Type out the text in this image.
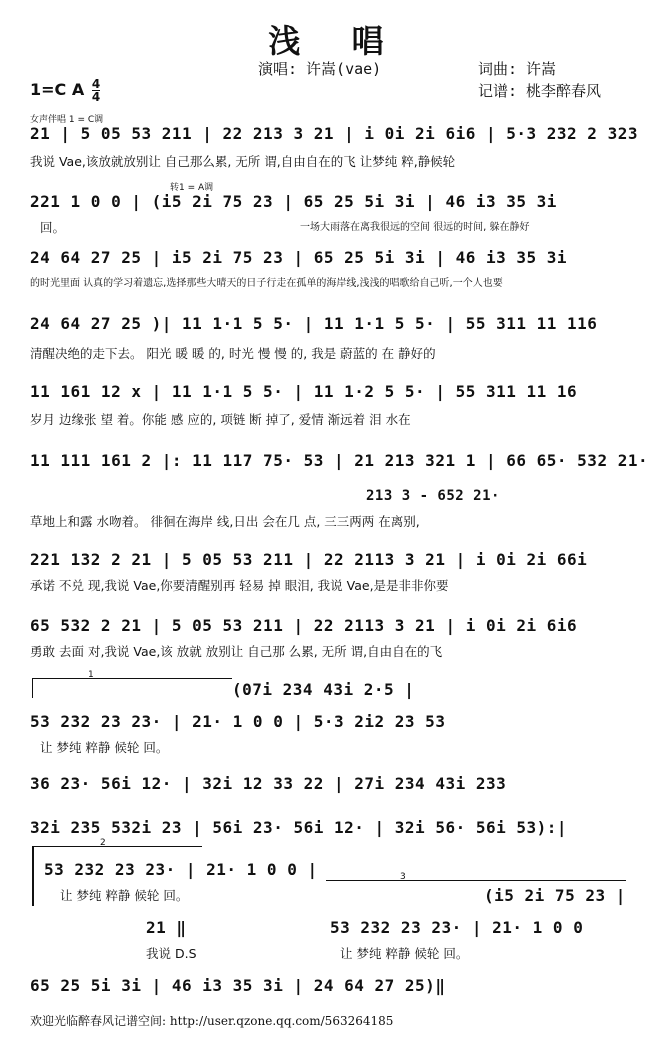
浅 唱
演唱: 许嵩(vae)	词曲: 许嵩
记谱: 桃李醉春风
1=C A $\frac{4}{4}$
女声伴唱 1 = C调
转1 = A调
21 | 5 05 53 211 | 22 213 3 21 | i 0i 2i 6i6 | 5·3 232 2 323
我说 Vae,该放就放别让 自己那么累, 无所 谓,自由自在的飞 让梦纯 粹,静候轮
221 1 0 0 | (i5 2i 75 23 | 65 25 5i 3i | 46 i3 35 3i
回。	一场大雨落在离我很远的空间 很远的时间, 躲在静好
24 64 27 25 | i5 2i 75 23 | 65 25 5i 3i | 46 i3 35 3i
的时光里面 认真的学习着遗忘,选择那些大晴天的日子行走在孤单的海岸线,浅浅的唱歌给自己听,一个人也要
24 64 27 25 )| 11 1·1 5 5· | 11 1·1 5 5· | 55 311 11 116
清醒决绝的走下去。 阳光 暖 暖 的, 时光 慢 慢 的, 我是 蔚蓝的 在 静好的
11 161 12 x | 11 1·1 5 5· | 11 1·2 5 5· | 55 311 11 16
岁月 边缘张 望 着。你能 感 应的, 项链 断 掉了, 爱情 渐远着 泪 水在
11 111 161 2 |: 11 117 75· 53 | 21 213 321 1 | 66 65· 532 21·
213 3 - 652 21·
草地上和露 水吻着。 徘徊在海岸 线,日出 会在几 点, 三三两两 在离别,
221 132 2 21 | 5 05 53 211 | 22 2113 3 21 | i 0i 2i 66i
承诺 不兑 现,我说 Vae,你要清醒别再 轻易 掉 眼泪, 我说 Vae,是是非非你要
65 532 2 21 | 5 05 53 211 | 22 2113 3 21 | i 0i 2i 6i6
勇敢 去面 对,我说 Vae,该 放就 放别让 自己那 么累, 无所 谓,自由自在的飞
1
(07i 234 43i 2·5 |
53 232 23 23· | 21· 1 0 0 | 5·3 2i2 23 53
让 梦纯 粹静 候轮 回。
36 23· 56i 12· | 32i 12 33 22 | 27i 234 43i 233
32i 235 532i 23 | 56i 23· 56i 12· | 32i 56· 56i 53):|
2
53 232 23 23· | 21· 1 0 0 |
让 梦纯 粹静 候轮 回。
3
(i5 2i 75 23 |
21 ‖
我说 D.S
53 232 23 23· | 21· 1 0 0
让 梦纯 粹静 候轮 回。
65 25 5i 3i | 46 i3 35 3i | 24 64 27 25)‖
欢迎光临醉春风记谱空间: http://user.qzone.qq.com/563264185
